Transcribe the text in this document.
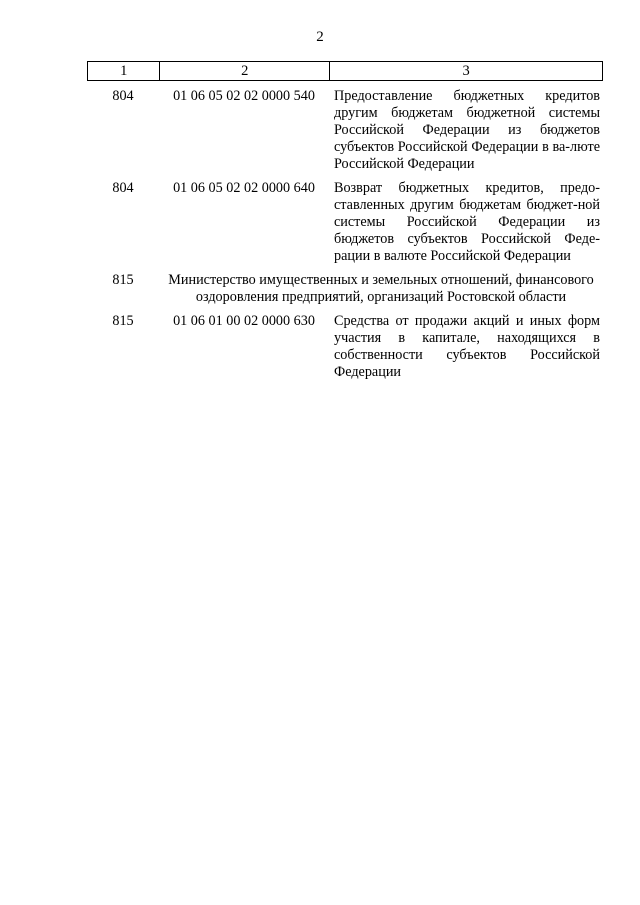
2
1	2	3
804	01 06 05 02 02 0000 540	Предоставление бюджетных кредитов другим бюджетам бюджетной системы Российской Федерации из бюджетов субъектов Российской Федерации в ва-люте Российской Федерации
804	01 06 05 02 02 0000 640	Возврат бюджетных кредитов, предо-ставленных другим бюджетам бюджет-ной системы Российской Федерации из бюджетов субъектов Российской Феде-рации в валюте Российской Федерации
815	Министерство имущественных и земельных отношений, финансового оздоровления предприятий, организаций Ростовской области
815	01 06 01 00 02 0000 630	Средства от продажи акций и иных форм участия в капитале, находящихся в собственности субъектов Российской Федерации
